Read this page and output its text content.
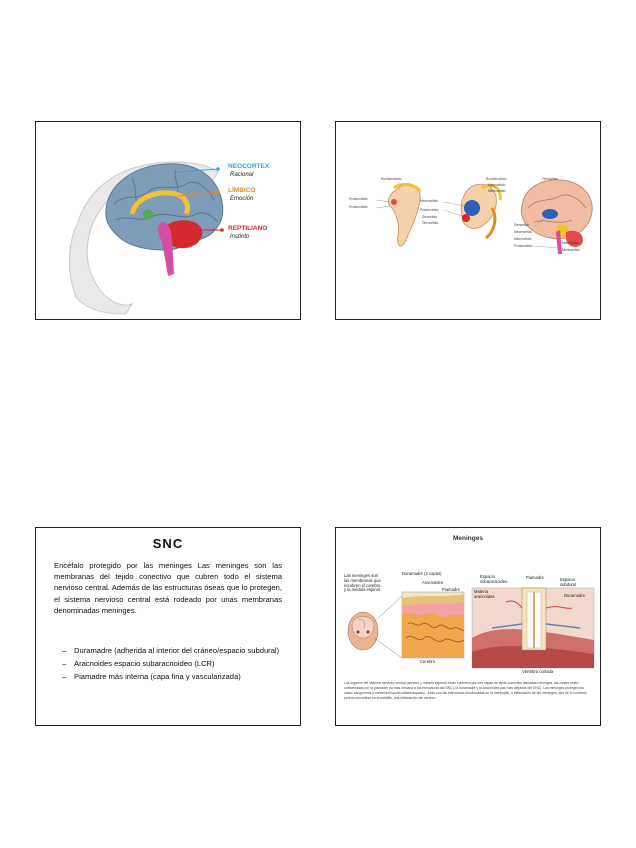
NEOCORTEX
Racional
LÍMBICO
Emoción
REPTILIANO
Instinto
Rombencéfalo
Prosencéfalo
Prosencéfalo
Mesencéfalo
Prosencéfalo
Diencéfalo
Telencéfalo
Rombencéfalo
Metencéfalo
Mielencéfalo
Telencéfalo
Diencéfalo
Mesencéfalo
Metencéfalo
Prosencéfalo
Metencéfalo
Mielencéfalo
SNC
Encéfalo protegido por las meninges Las meninges son las membranas del tejido conectivo que cubren todo el sistema nervioso central. Además de las estructuras óseas que lo protegen, el sistema nervioso central está rodeado por unas membranas denominadas meninges.
– Duramadre (adherida al interior del cráneo/espacio subdural)
– Aracnoides espacio subaracnoideo (LCR)
– Piamadre más interna (capa fina y vascularizada)
Meninges
Las meninges son
las membranas que
recubren el cerebro
y la médula espinal
Duramadre (2 capas)
Aracnoides
Piamadre
Cerebro
Espacio
subaracnoideo
Materia
aracnoides
Piamadre	Espacio
subdural
Duramadre
Vértebra cortada
Los órganos del sistema nervioso central (cerebro y médula espinal) están cubiertos por tres capas de tejido conectivo llamadas meninges, las cuales están conformadas por la piamadre (la más cercana a las estructuras del SNC), la duramadre y la aracnoides (las más alejadas del SNC). Las meninges protegen los vasos sanguíneos y contienen líquido cefalorraquídeo. Junto con las estructuras involucradas en la meningitis, o inflamación de las meninges, que de lo contrario podría convertirse en encefalitis, una inflamación del cerebro.
